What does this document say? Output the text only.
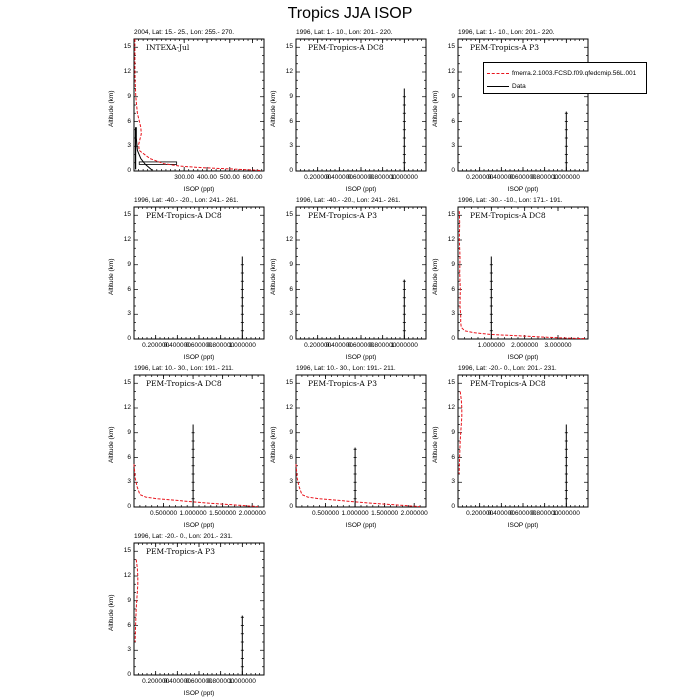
Tropics JJA ISOP
0
3
6
9
12
15
300.00 400.00 500.00 600.00
2004, Lat: 15.- 25., Lon: 255.- 270.
INTEXA-Jul
ISOP (ppt)
Altitude (km)
0
3
6
9
12
15
0.200000
0.400000
0.600000
0.800000
1.000000
1996, Lat: 1.- 10., Lon: 201.- 220.
PEM-Tropics-A DC8
ISOP (ppt)
Altitude (km)
0
3
6
9
12
15
0.200000
0.400000
0.600000
0.800000
1.000000
1996, Lat: 1.- 10., Lon: 201.- 220.
PEM-Tropics-A P3
ISOP (ppt)
Altitude (km)
0
3
6
9
12
15
0.200000
0.400000
0.600000
0.800000
1.000000
1996, Lat: -40.- -20., Lon: 241.- 261.
PEM-Tropics-A DC8
ISOP (ppt)
Altitude (km)
0
3
6
9
12
15
0.200000
0.400000
0.600000
0.800000
1.000000
1996, Lat: -40.- -20., Lon: 241.- 261.
PEM-Tropics-A P3
ISOP (ppt)
Altitude (km)
0
3
6
9
12
15
1.000000 2.000000 3.000000
1996, Lat: -30.- -10., Lon: 171.- 191.
PEM-Tropics-A DC8
ISOP (ppt)
Altitude (km)
0
3
6
9
12
15
0.500000 1.000000 1.500000 2.000000
1996, Lat: 10.- 30., Lon: 191.- 211.
PEM-Tropics-A DC8
ISOP (ppt)
Altitude (km)
0
3
6
9
12
15
0.500000 1.000000 1.500000 2.000000
1996, Lat: 10.- 30., Lon: 191.- 211.
PEM-Tropics-A P3
ISOP (ppt)
Altitude (km)
0
3
6
9
12
15
0.200000
0.400000
0.600000
0.800000
1.000000
1996, Lat: -20.- 0., Lon: 201.- 231.
PEM-Tropics-A DC8
ISOP (ppt)
Altitude (km)
0
3
6
9
12
15
0.200000
0.400000
0.600000
0.800000
1.000000
1996, Lat: -20.- 0., Lon: 201.- 231.
PEM-Tropics-A P3
ISOP (ppt)
Altitude (km)
fmerra.2.1003.FCSD.f09.qfedcmip.56L.001
Data
